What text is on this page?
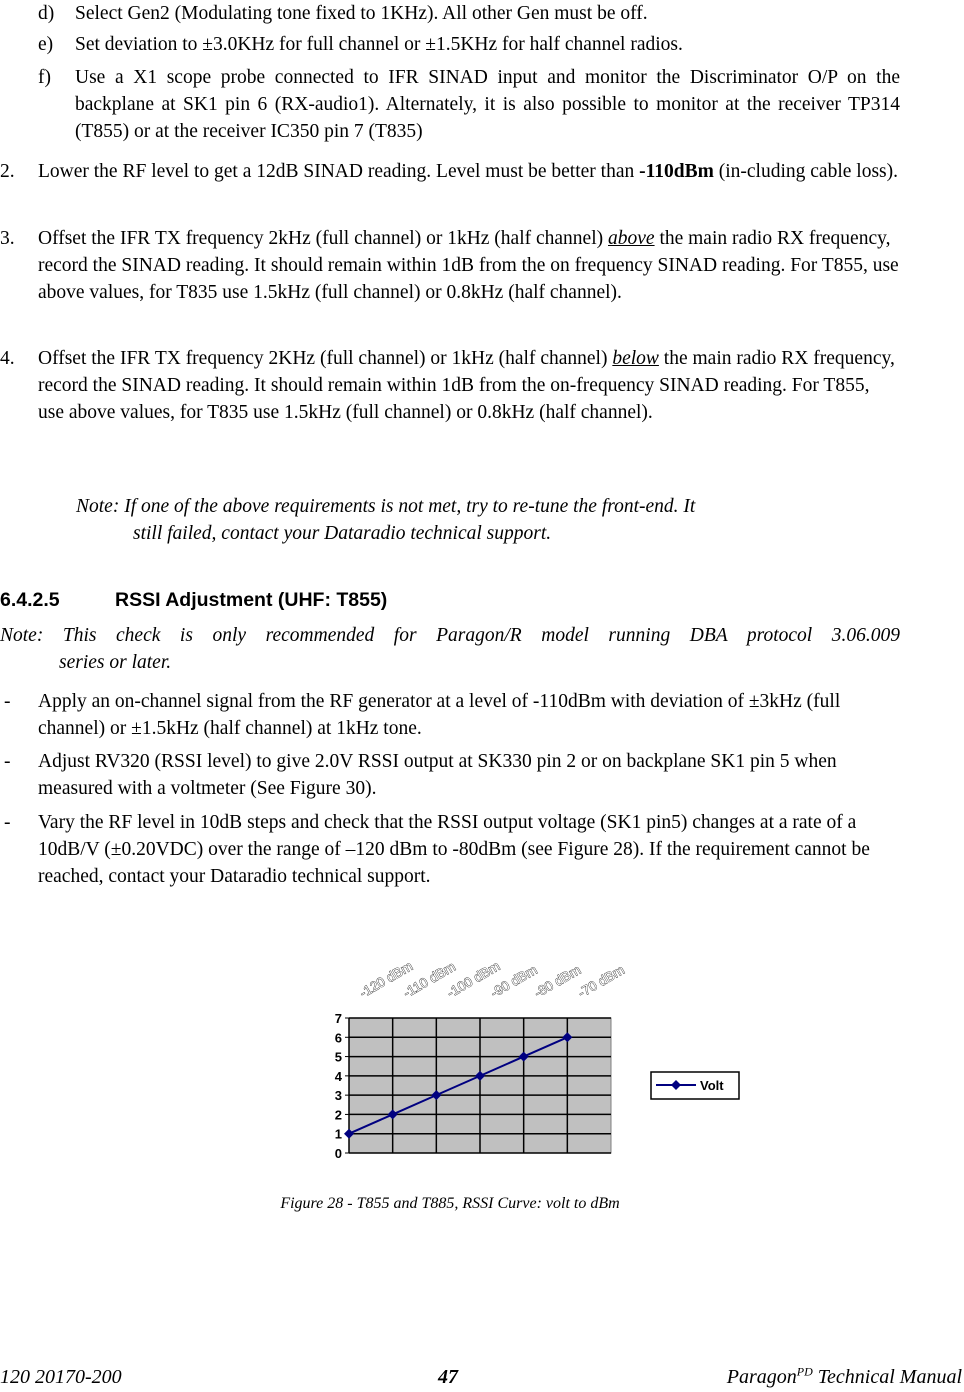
d)	Select Gen2 (Modulating tone fixed to 1KHz). All other Gen must be off.
e)	Set deviation to ±3.0KHz for full channel or ±1.5KHz for half channel radios.
f)	Use a X1 scope probe connected to IFR SINAD input and monitor the Discriminator O/P on the backplane at SK1 pin 6 (RX-audio1). Alternately, it is also possible to monitor at the receiver TP314 (T855) or at the receiver IC350 pin 7 (T835)
2.	Lower the RF level to get a 12dB SINAD reading. Level must be better than -110dBm (in-cluding cable loss).
3.	Offset the IFR TX frequency 2kHz (full channel) or 1kHz (half channel) above the main radio RX frequency, record the SINAD reading. It should remain within 1dB from the on frequency SINAD reading. For T855, use above values, for T835 use 1.5kHz (full channel) or 0.8kHz (half channel).
4.	Offset the IFR TX frequency 2KHz (full channel) or 1kHz (half channel) below the main radio RX frequency, record the SINAD reading. It should remain within 1dB from the on-frequency SINAD reading. For T855, use above values, for T835 use 1.5kHz (full channel) or 0.8kHz (half channel).
Note: If one of the above requirements is not met, try to re-tune the front-end. It
still failed, contact your Dataradio technical support.
6.4.2.5	RSSI Adjustment (UHF: T855)
Note: This check is only recommended for Paragon/R model running DBA protocol 3.06.009
series or later.
- Apply an on-channel signal from the RF generator at a level of -110dBm with deviation of ±3kHz (full channel) or ±1.5kHz (half channel) at 1kHz tone.
- Adjust RV320 (RSSI level) to give 2.0V RSSI output at SK330 pin 2 or on backplane SK1 pin 5 when measured with a voltmeter (See Figure 30).
- Vary the RF level in 10dB steps and check that the RSSI output voltage (SK1 pin5) changes at a rate of a 10dB/V (±0.20VDC) over the range of –120 dBm to -80dBm (see Figure 28). If the requirement cannot be reached, contact your Dataradio technical support.
0
1
2
3
4
5
6
7
-120 dBm
-110 dBm
-100 dBm
-90 dBm
-80 dBm
-70 dBm
Volt
Figure 28 - T855 and T885, RSSI Curve: volt to dBm
120 20170-200	47	Paragon$^{PD}$ Technical Manual
